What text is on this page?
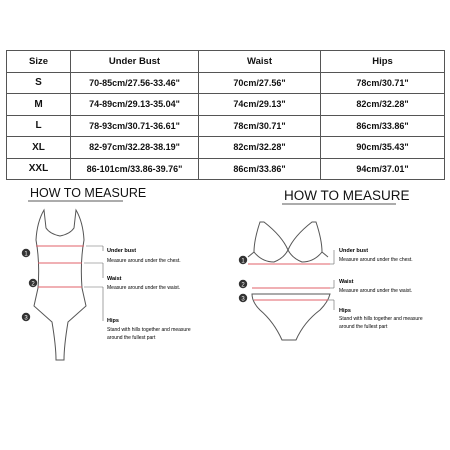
Size	Under Bust	Waist	Hips
S	70-85cm/27.56-33.46"	70cm/27.56"	78cm/30.71"
M	74-89cm/29.13-35.04"	74cm/29.13"	82cm/32.28"
L	78-93cm/30.71-36.61"	78cm/30.71"	86cm/33.86"
XL	82-97cm/32.28-38.19"	82cm/32.28"	90cm/35.43"
XXL	86-101cm/33.86-39.76"	86cm/33.86"	94cm/37.01"
HOW TO MEASURE
1
2
3
Under bust
Measure around under the chest.
Waist
Measure around under the waist.
Hips
Stand with hills together and measure
around the fullest part
HOW TO MEASURE
1
2
3
Under bust
Measure around under the chest.
Waist
Measure around under the waist.
Hips
Stand with hills together and measure
around the fullest part
